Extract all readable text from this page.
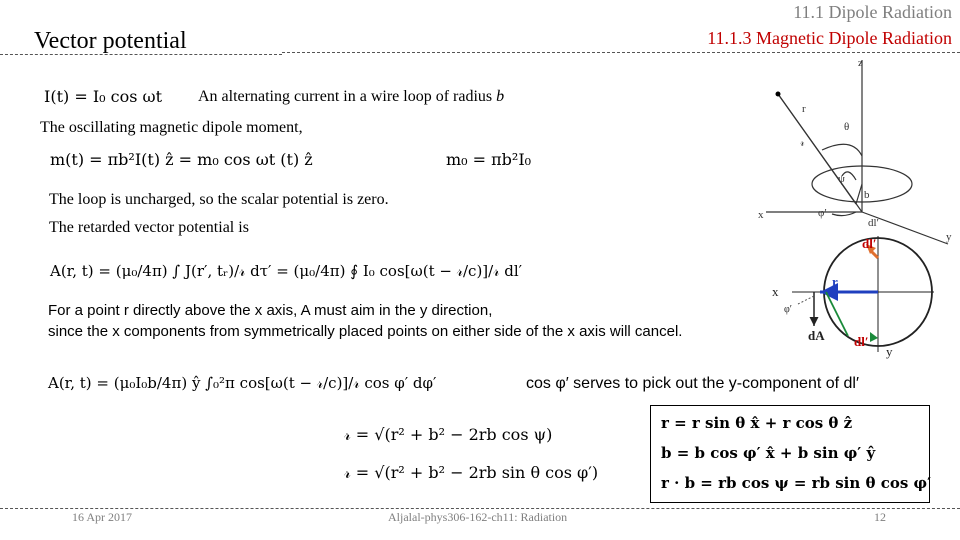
Vector potential
11.1 Dipole Radiation
11.1.3 Magnetic Dipole Radiation
I(t) = I₀ cos ωt An alternating current in a wire loop of radius b
The oscillating magnetic dipole moment,
m(t) = πb²I(t) ẑ = m₀ cos ωt (t) ẑ	m₀ = πb²I₀
The loop is uncharged, so the scalar potential is zero.
The retarded vector potential is
A(r, t) = (μ₀/4π) ∫ J(r′, tᵣ)/𝓇 dτ′ = (μ₀/4π) ∮ I₀ cos[ω(t − 𝓇/c)]/𝓇 dl′
For a point r directly above the x axis, A must aim in the y direction,
since the x components from symmetrically placed points on either side of the x axis will cancel.
A(r, t) = (μ₀I₀b/4π) ŷ ∫₀²π cos[ω(t − 𝓇/c)]/𝓇 cos φ′ dφ′	cos φ′ serves to pick out the y-component of dl′
𝓇 = √(r² + b² − 2rb cos ψ)
𝓇 = √(r² + b² − 2rb sin θ cos φ′)
r = r sin θ x̂ + r cos θ ẑ
b = b cos φ′ x̂ + b sin φ′ ŷ
r · b = rb cos ψ = rb sin θ cos φ′
z
r
θ
𝓇
ψ
b
x	φ′
dl′
y
dl′
r
x
φ′
dA dl′
y
16 Apr 2017	Aljalal-phys306-162-ch11: Radiation	12
